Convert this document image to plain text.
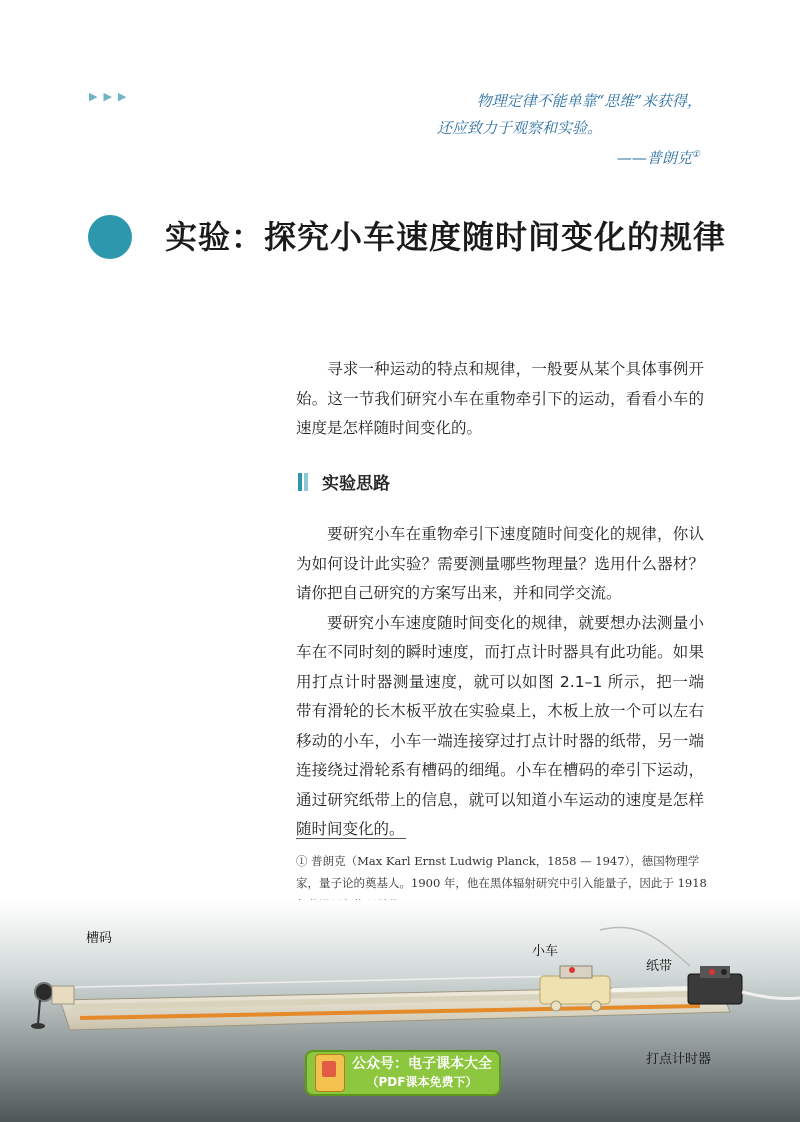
▶▶▶	物理定律不能单靠“思维”来获得，
还应致力于观察和实验。
——普朗克①
实验：探究小车速度随时间变化的规律

寻求一种运动的特点和规律，一般要从某个具体事例开始。这一节我们研究小车在重物牵引下的运动，看看小车的速度是怎样随时间变化的。

实验思路

要研究小车在重物牵引下速度随时间变化的规律，你认为如何设计此实验？需要测量哪些物理量？选用什么器材？请你把自己研究的方案写出来，并和同学交流。

要研究小车速度随时间变化的规律，就要想办法测量小车在不同时刻的瞬时速度，而打点计时器具有此功能。如果用打点计时器测量速度，就可以如图 2.1–1 所示，把一端带有滑轮的长木板平放在实验桌上，木板上放一个可以左右移动的小车，小车一端连接穿过打点计时器的纸带，另一端连接绕过滑轮系有槽码的细绳。小车在槽码的牵引下运动，通过研究纸带上的信息，就可以知道小车运动的速度是怎样随时间变化的。

① 普朗克（Max Karl Ernst Ludwig Planck，1858 — 1947），德国物理学家，量子论的奠基人。1900 年，他在黑体辐射研究中引入能量子，因此于 1918
槽码
小车
纸带
打点计时器
公众号：电子课本大全
（PDF课本免费下）
